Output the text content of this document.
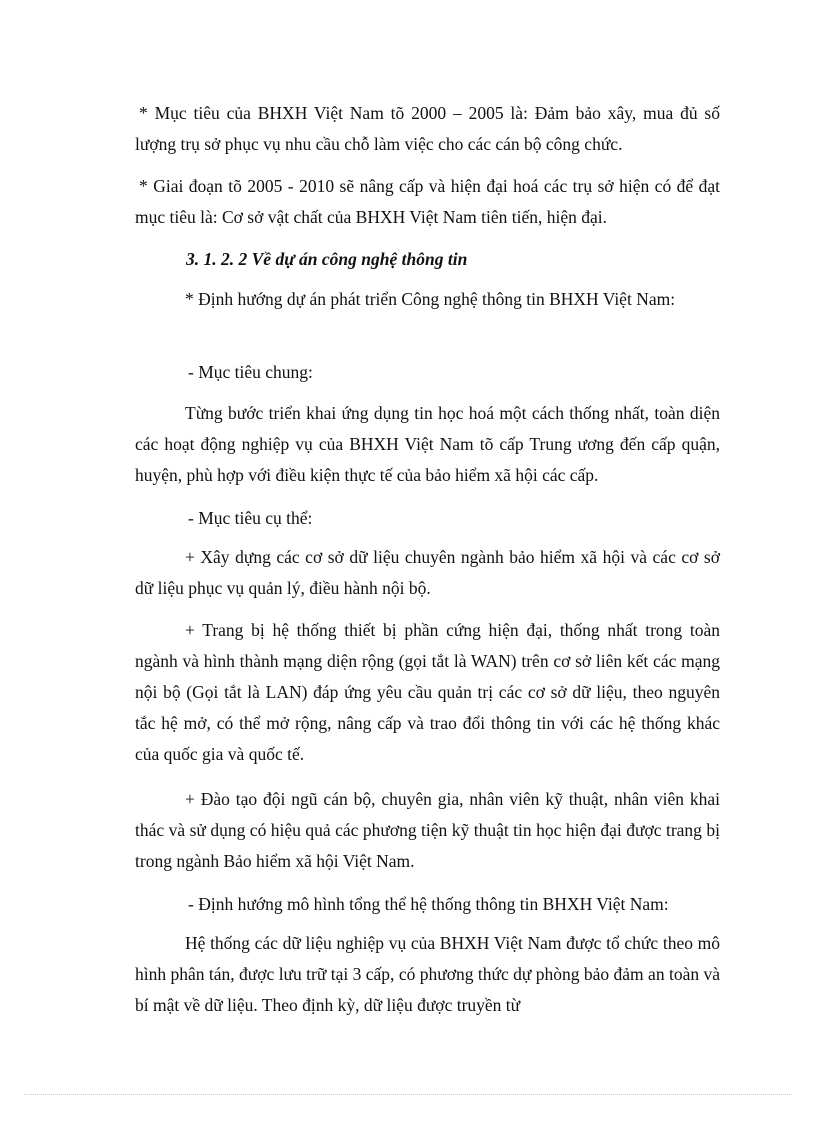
* Mục tiêu của BHXH Việt Nam tõ 2000 – 2005 là: Đảm bảo xây, mua đủ số lượng trụ sở phục vụ nhu cầu chỗ làm việc cho các cán bộ công chức.

* Giai đoạn tõ 2005 - 2010 sẽ nâng cấp và hiện đại hoá các trụ sở hiện có để đạt mục tiêu là: Cơ sở vật chất của BHXH Việt Nam tiên tiến, hiện đại.

3. 1. 2. 2 Về dự án công nghệ thông tin

* Định hướng dự án phát triển Công nghệ thông tin BHXH Việt Nam:

- Mục tiêu chung:

Từng bước triển khai ứng dụng tin học hoá một cách thống nhất, toàn diện các hoạt động nghiệp vụ của BHXH Việt Nam tõ cấp Trung ương đến cấp quận, huyện, phù hợp với điều kiện thực tế của bảo hiểm xã hội các cấp.

- Mục tiêu cụ thể:

+ Xây dựng các cơ sở dữ liệu chuyên ngành bảo hiểm xã hội và các cơ sở dữ liệu phục vụ quản lý, điều hành nội bộ.

+ Trang bị hệ thống thiết bị phần cứng hiện đại, thống nhất trong toàn ngành và hình thành mạng diện rộng (gọi tắt là WAN) trên cơ sở liên kết các mạng nội bộ (Gọi tắt là LAN) đáp ứng yêu cầu quản trị các cơ sở dữ liệu, theo nguyên tắc hệ mở, có thể mở rộng, nâng cấp và trao đổi thông tin với các hệ thống khác của quốc gia và quốc tế.

+ Đào tạo đội ngũ cán bộ, chuyên gia, nhân viên kỹ thuật, nhân viên khai thác và sử dụng có hiệu quả các phương tiện kỹ thuật tin học hiện đại được trang bị trong ngành Bảo hiểm xã hội Việt Nam.

- Định hướng mô hình tổng thể hệ thống thông tin BHXH Việt Nam:

Hệ thống các dữ liệu nghiệp vụ của BHXH Việt Nam được tổ chức theo mô hình phân tán, được lưu trữ tại 3 cấp, có phương thức dự phòng bảo đảm an toàn và bí mật về dữ liệu. Theo định kỳ, dữ liệu được truyền từ
